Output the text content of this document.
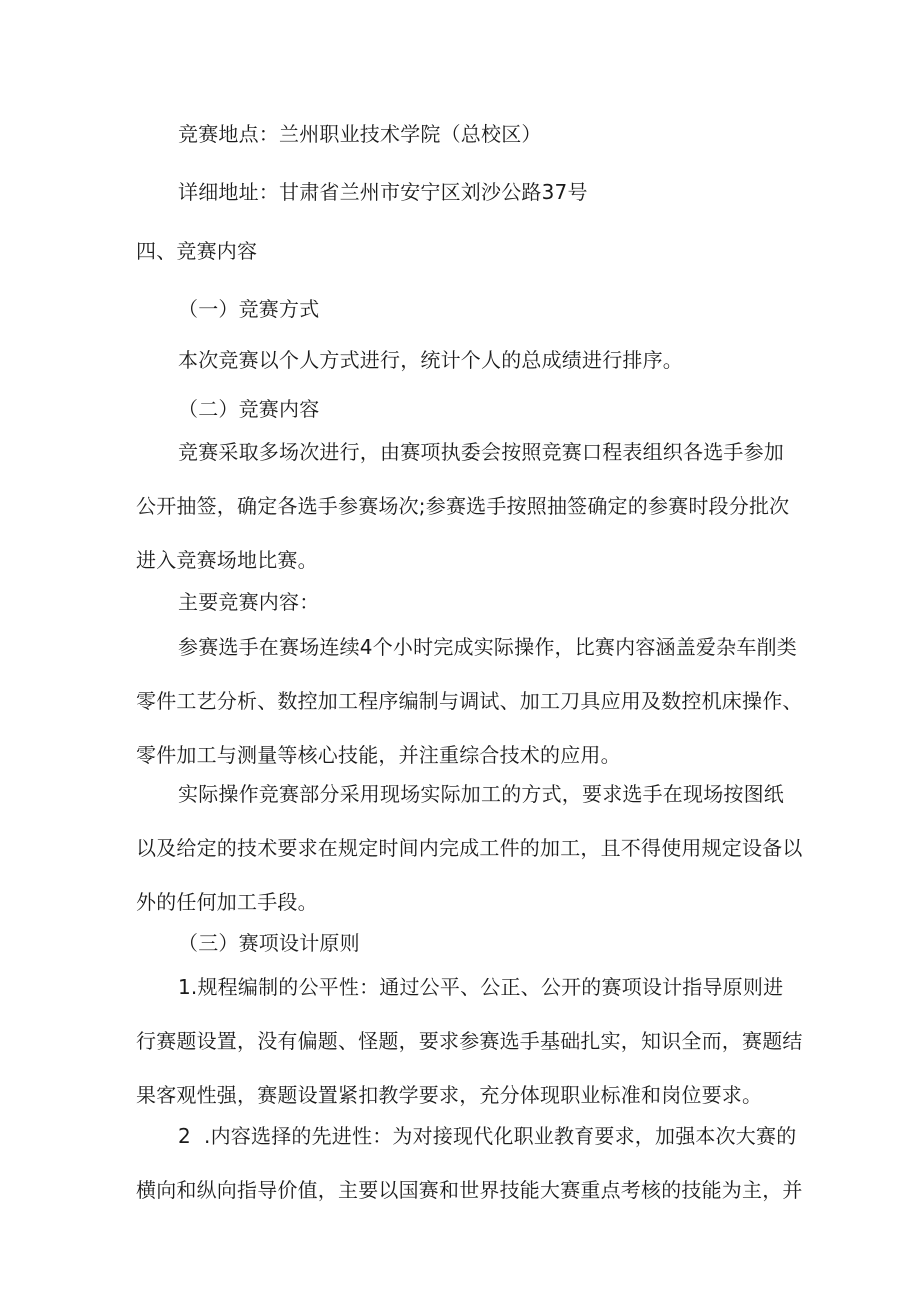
竞赛地点：兰州职业技术学院（总校区）

详细地址：甘肃省兰州市安宁区刘沙公路37号

四、竞赛内容

（一）竞赛方式

本次竞赛以个人方式进行，统计个人的总成绩进行排序。

（二）竞赛内容

竞赛采取多场次进行，由赛项执委会按照竞赛口程表组织各选手参加
公开抽签，确定各选手参赛场次;参赛选手按照抽签确定的参赛时段分批次
进入竞赛场地比赛。

主要竞赛内容：

参赛选手在赛场连续4个小时完成实际操作，比赛内容涵盖爱杂车削类
零件工艺分析、数控加工程序编制与调试、加工刀具应用及数控机床操作、
零件加工与测量等核心技能，并注重综合技术的应用。
实际操作竞赛部分采用现场实际加工的方式，要求选手在现场按图纸
以及给定的技术要求在规定时间内完成工件的加工，且不得使用规定设备以
外的任何加工手段。

（三）赛项设计原则

1.规程编制的公平性：通过公平、公正、公开的赛项设计指导原则进
行赛题设置，没有偏题、怪题，要求参赛选手基础扎实，知识全而，赛题结
果客观性强，赛题设置紧扣教学要求，充分体现职业标准和岗位要求。
2  .内容选择的先进性：为对接现代化职业教育要求，加强本次大赛的
横向和纵向指导价值，主要以国赛和世界技能大赛重点考核的技能为主，并
